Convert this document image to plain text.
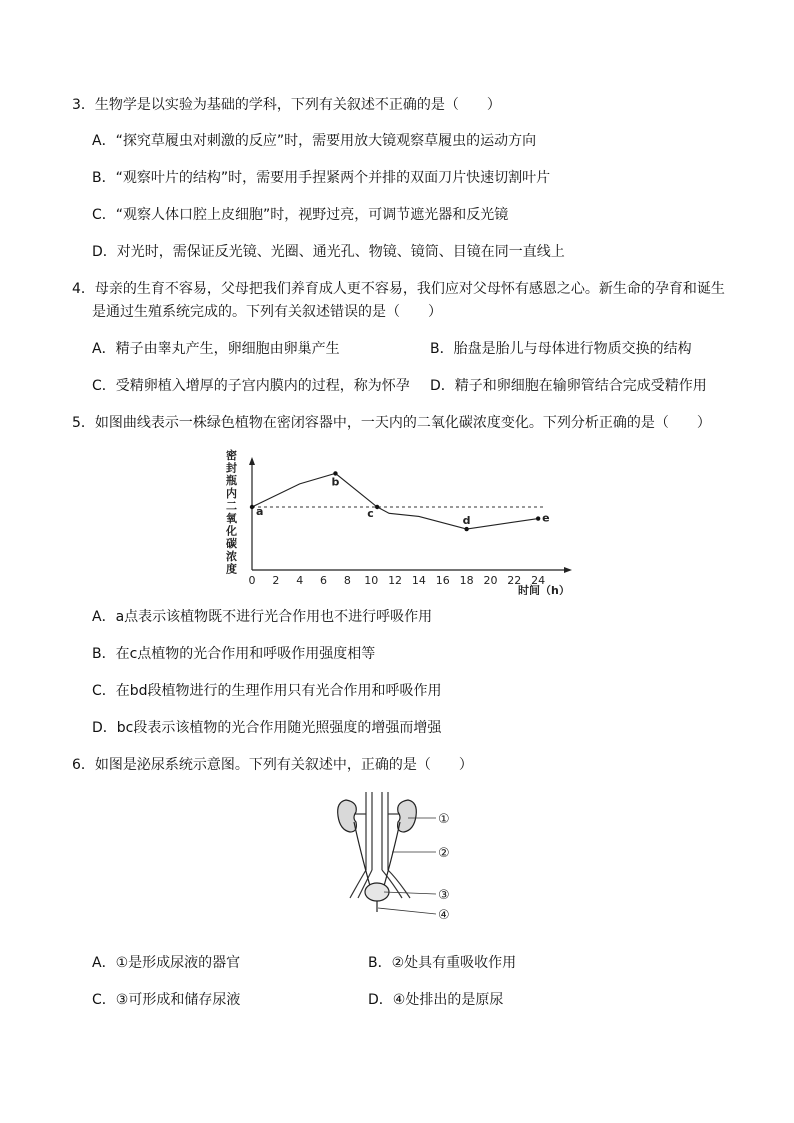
3．生物学是以实验为基础的学科，下列有关叙述不正确的是（　　）
A．“探究草履虫对刺激的反应”时，需要用放大镜观察草履虫的运动方向
B．“观察叶片的结构”时，需要用手捏紧两个并排的双面刀片快速切割叶片
C．“观察人体口腔上皮细胞”时，视野过亮，可调节遮光器和反光镜
D．对光时，需保证反光镜、光圈、通光孔、物镜、镜筒、目镜在同一直线上
4．母亲的生育不容易，父母把我们养育成人更不容易，我们应对父母怀有感恩之心。新生命的孕育和诞生
是通过生殖系统完成的。下列有关叙述错误的是（　　）
A．精子由睾丸产生，卵细胞由卵巢产生	B．胎盘是胎儿与母体进行物质交换的结构
C．受精卵植入增厚的子宫内膜内的过程，称为怀孕 D．精子和卵细胞在输卵管结合完成受精作用
5．如图曲线表示一株绿色植物在密闭容器中，一天内的二氧化碳浓度变化。下列分析正确的是（　　）
密
封
瓶
内
二
氧
化
碳
浓
度
0 2 4 6 8 10 12 14 16 18 20 22 24
a
b
c
d	e
时间（h）
A．a点表示该植物既不进行光合作用也不进行呼吸作用
B．在c点植物的光合作用和呼吸作用强度相等
C．在bd段植物进行的生理作用只有光合作用和呼吸作用
D．bc段表示该植物的光合作用随光照强度的增强而增强
6．如图是泌尿系统示意图。下列有关叙述中，正确的是（　　）
①
②
③
④
A．①是形成尿液的器官	B．②处具有重吸收作用
C．③可形成和储存尿液	D．④处排出的是原尿
